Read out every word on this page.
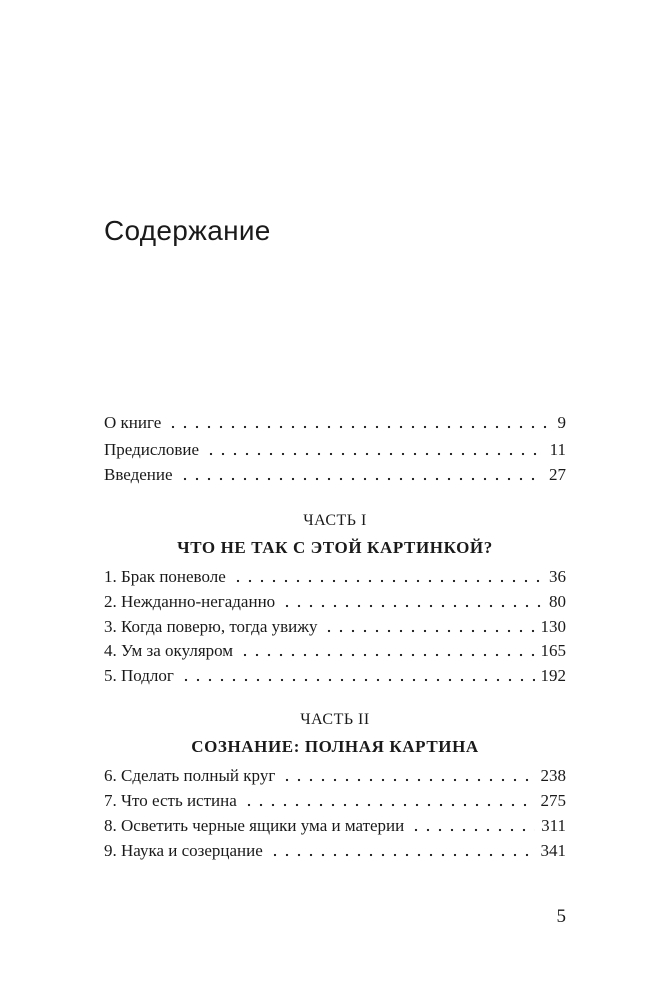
Содержание
О книге	9
Предисловие	11
Введение	27
ЧАСТЬ I
ЧТО НЕ ТАК С ЭТОЙ КАРТИНКОЙ?
1. Брак поневоле	36
2. Нежданно-негаданно	80
3. Когда поверю, тогда увижу	130
4. Ум за окуляром	165
5. Подлог	192
ЧАСТЬ II
СОЗНАНИЕ: ПОЛНАЯ КАРТИНА
6. Сделать полный круг	238
7. Что есть истина	275
8. Осветить черные ящики ума и материи	311
9. Наука и созерцание	341
5
